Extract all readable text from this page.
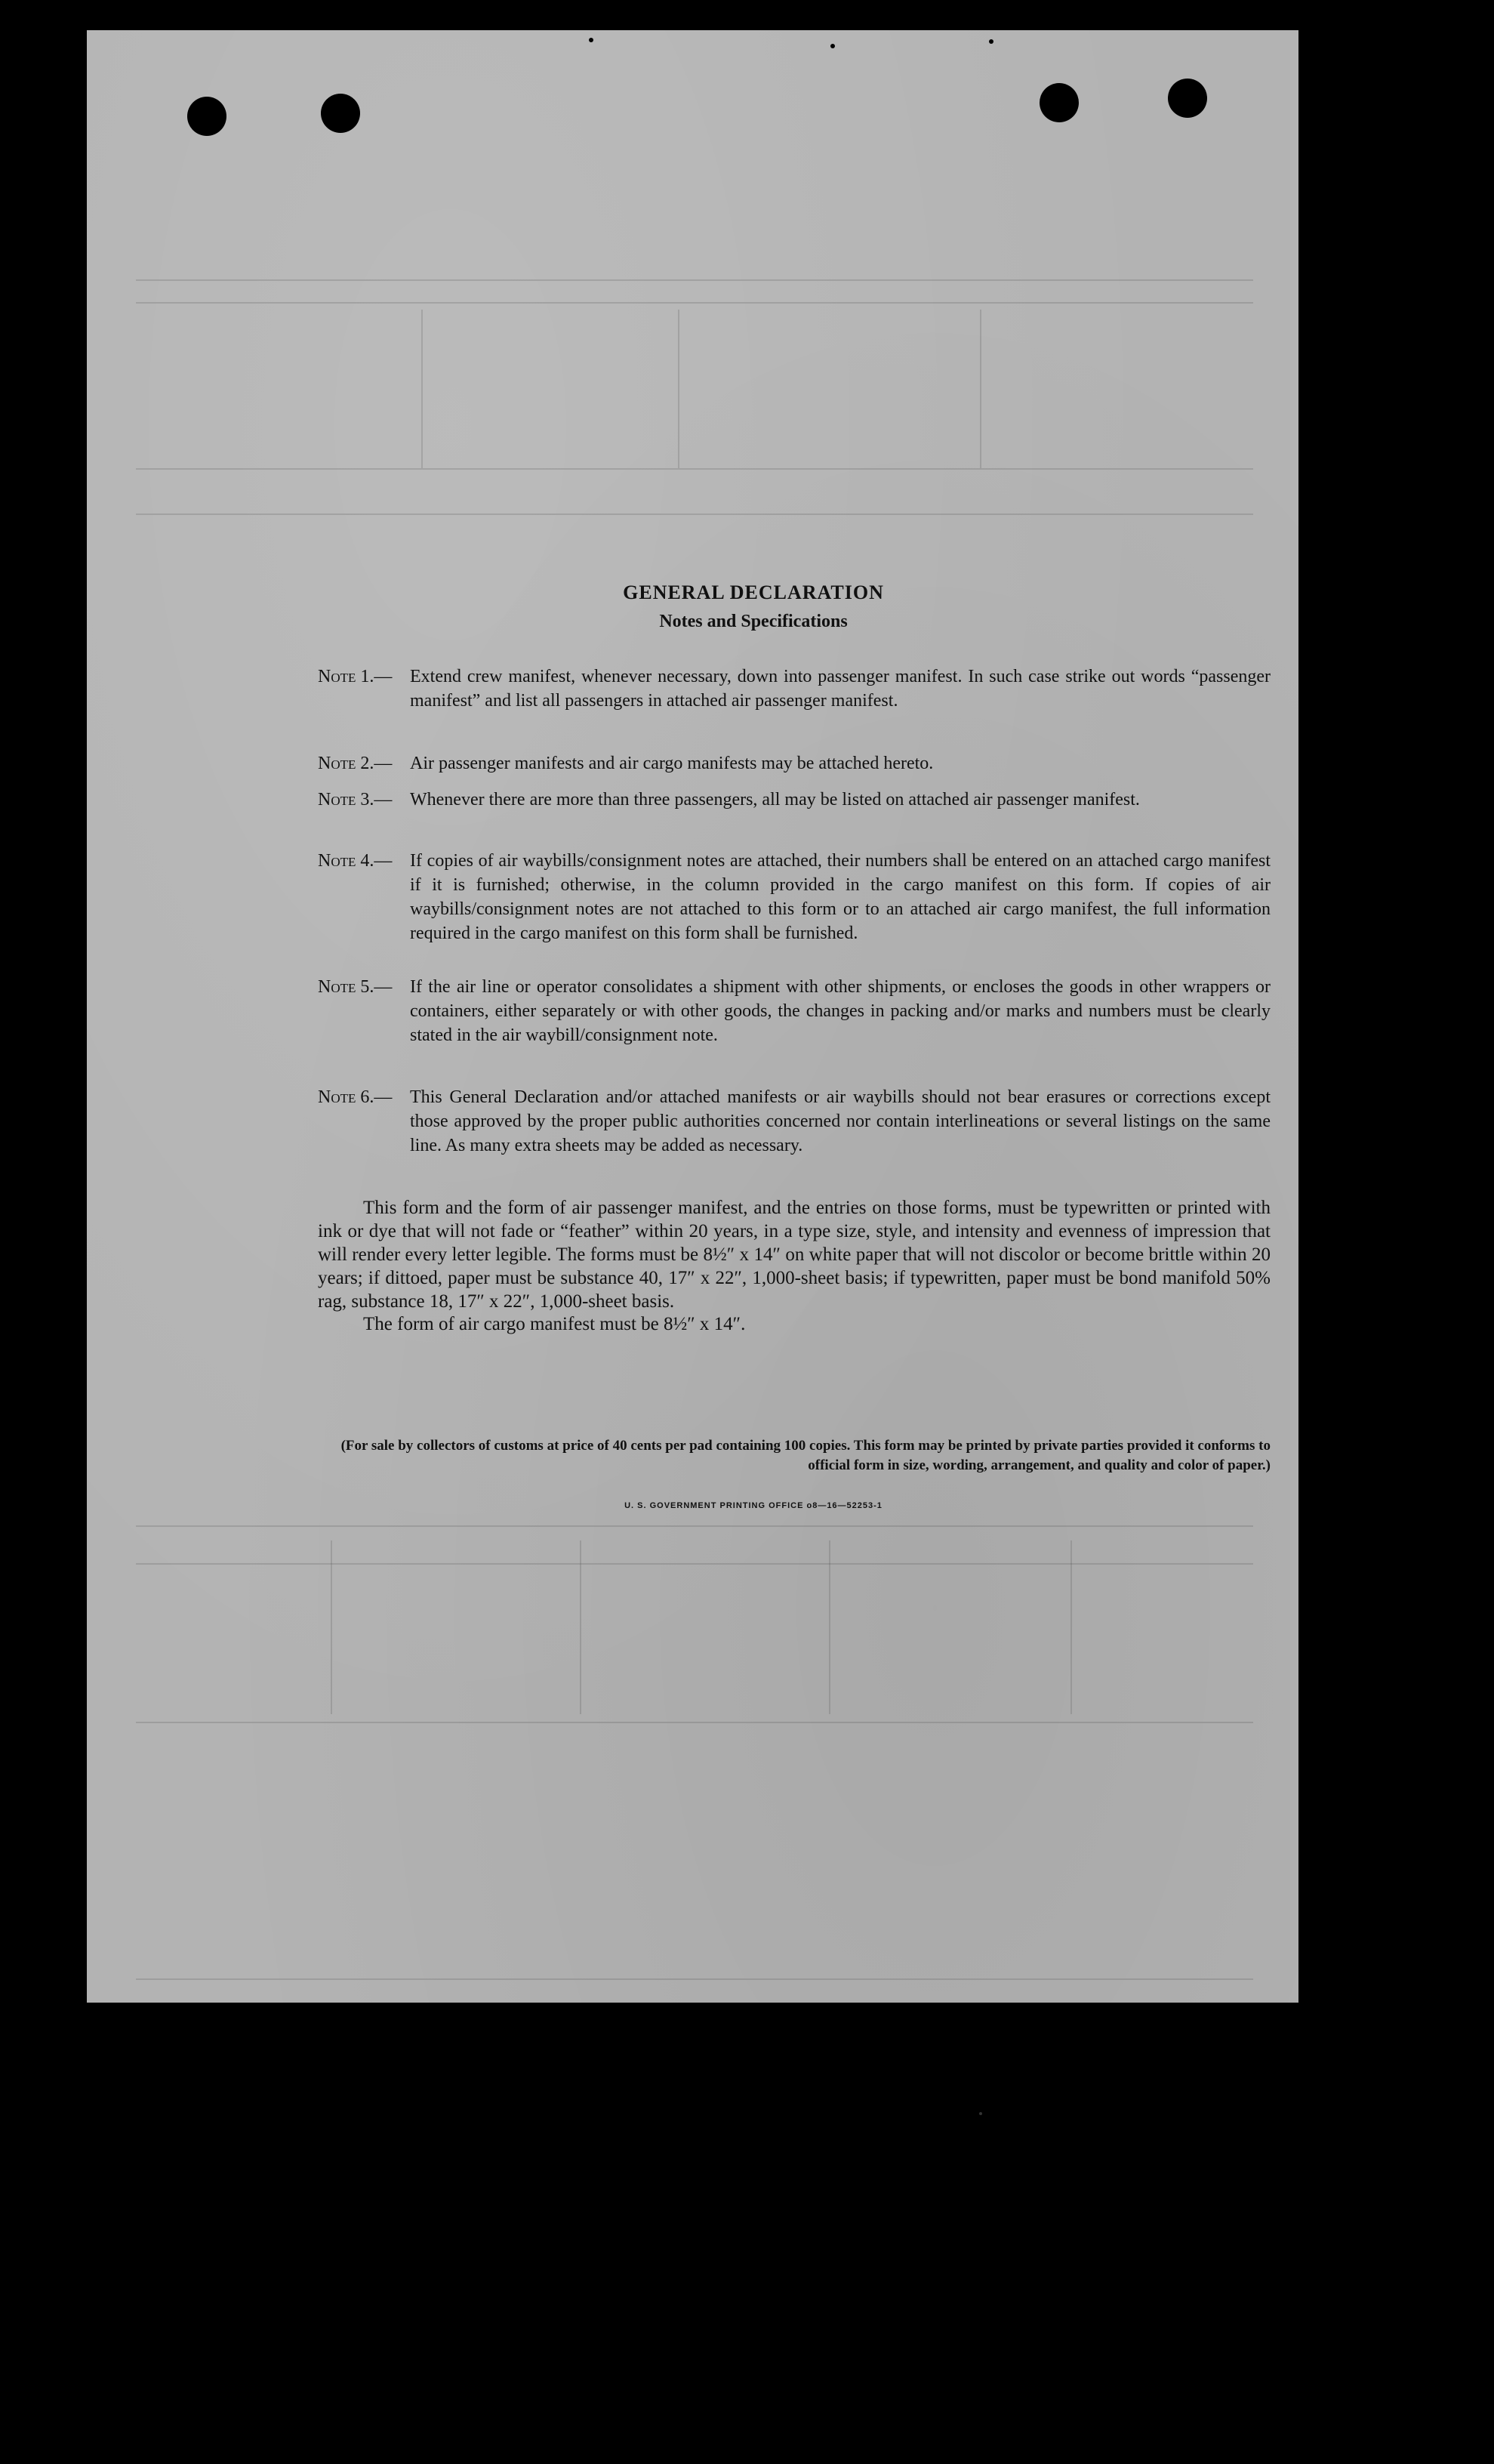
GENERAL DECLARATION
Notes and Specifications
Note 1.— Extend crew manifest, whenever necessary, down into passenger manifest. In such case strike out words “passenger manifest” and list all passengers in attached air passenger manifest.
Note 2.— Air passenger manifests and air cargo manifests may be attached hereto.
Note 3.— Whenever there are more than three passengers, all may be listed on attached air passenger manifest.
Note 4.— If copies of air waybills/consignment notes are attached, their numbers shall be entered on an attached cargo manifest if it is furnished; otherwise, in the column provided in the cargo manifest on this form. If copies of air waybills/consignment notes are not attached to this form or to an attached air cargo manifest, the full information required in the cargo manifest on this form shall be furnished.
Note 5.— If the air line or operator consolidates a shipment with other shipments, or encloses the goods in other wrappers or containers, either separately or with other goods, the changes in packing and/or marks and numbers must be clearly stated in the air waybill/consignment note.
Note 6.— This General Declaration and/or attached manifests or air waybills should not bear erasures or corrections except those approved by the proper public authorities concerned nor contain interlineations or several listings on the same line. As many extra sheets may be added as necessary.
This form and the form of air passenger manifest, and the entries on those forms, must be typewritten or printed with ink or dye that will not fade or “feather” within 20 years, in a type size, style, and intensity and evenness of impression that will render every letter legible. The forms must be 8½″ x 14″ on white paper that will not discolor or become brittle within 20 years; if dittoed, paper must be substance 40, 17″ x 22″, 1,000-sheet basis; if typewritten, paper must be bond manifold 50% rag, substance 18, 17″ x 22″, 1,000-sheet basis.
The form of air cargo manifest must be 8½″ x 14″.
(For sale by collectors of customs at price of 40 cents per pad containing 100 copies. This form may be printed by private parties provided it conforms to official form in size, wording, arrangement, and quality and color of paper.)
U. S. GOVERNMENT PRINTING OFFICE o8—16—52253-1
